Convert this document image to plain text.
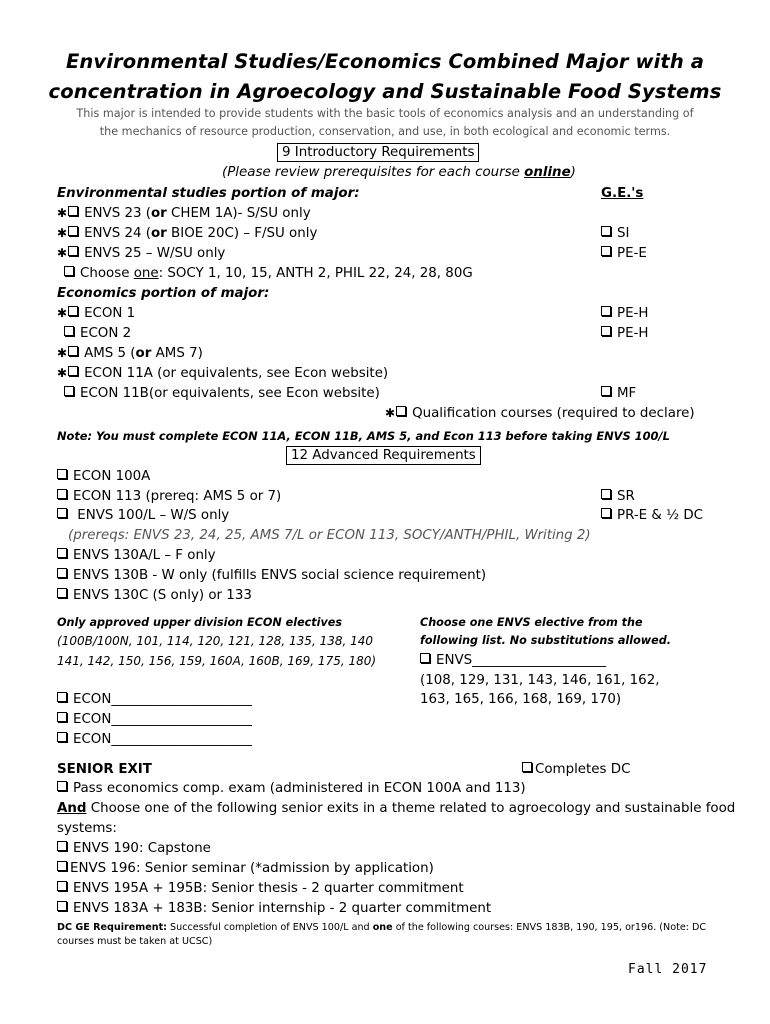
Environmental Studies/Economics Combined Major with a
concentration in Agroecology and Sustainable Food Systems
This major is intended to provide students with the basic tools of economics analysis and an understanding of
the mechanics of resource production, conservation, and use, in both ecological and economic terms.
9 Introductory Requirements
(Please review prerequisites for each course online)
Environmental studies portion of major:	G.E.'s
✱ ENVS 23 (or CHEM 1A)- S/SU only
✱ ENVS 24 (or BIOE 20C) – F/SU only	SI
✱ ENVS 25 – W/SU only	PE-E
Choose one: SOCY 1, 10, 15, ANTH 2, PHIL 22, 24, 28, 80G
Economics portion of major:
✱ ECON 1	PE-H
ECON 2	PE-H
✱ AMS 5 (or AMS 7)
✱ ECON 11A (or equivalents, see Econ website)
ECON 11B(or equivalents, see Econ website)	MF
✱ Qualification courses (required to declare)
Note: You must complete ECON 11A, ECON 11B, AMS 5, and Econ 113 before taking ENVS 100/L
12 Advanced Requirements
ECON 100A
ECON 113 (prereq: AMS 5 or 7)	SR
ENVS 100/L – W/S only	PR-E & ½ DC
(prereqs: ENVS 23, 24, 25, AMS 7/L or ECON 113, SOCY/ANTH/PHIL, Writing 2)
ENVS 130A/L – F only
ENVS 130B - W only (fulfills ENVS social science requirement)
ENVS 130C (S only) or 133
Only approved upper division ECON electives
(100B/100N, 101, 114, 120, 121, 128, 135, 138, 140
141, 142, 150, 156, 159, 160A, 160B, 169, 175, 180)
Choose one ENVS elective from the
following list. No substitutions allowed.
ENVS____________________
(108, 129, 131, 143, 146, 161, 162,
163, 165, 166, 168, 169, 170)
ECON_____________________
ECON_____________________
ECON_____________________
SENIOR EXIT	Completes DC
Pass economics comp. exam (administered in ECON 100A and 113)
And Choose one of the following senior exits in a theme related to agroecology and sustainable food
systems:
ENVS 190: Capstone
ENVS 196: Senior seminar (*admission by application)
ENVS 195A + 195B: Senior thesis - 2 quarter commitment
ENVS 183A + 183B: Senior internship - 2 quarter commitment
DC GE Requirement: Successful completion of ENVS 100/L and one of the following courses: ENVS 183B, 190, 195, or196. (Note: DC
courses must be taken at UCSC)
Fall 2017
